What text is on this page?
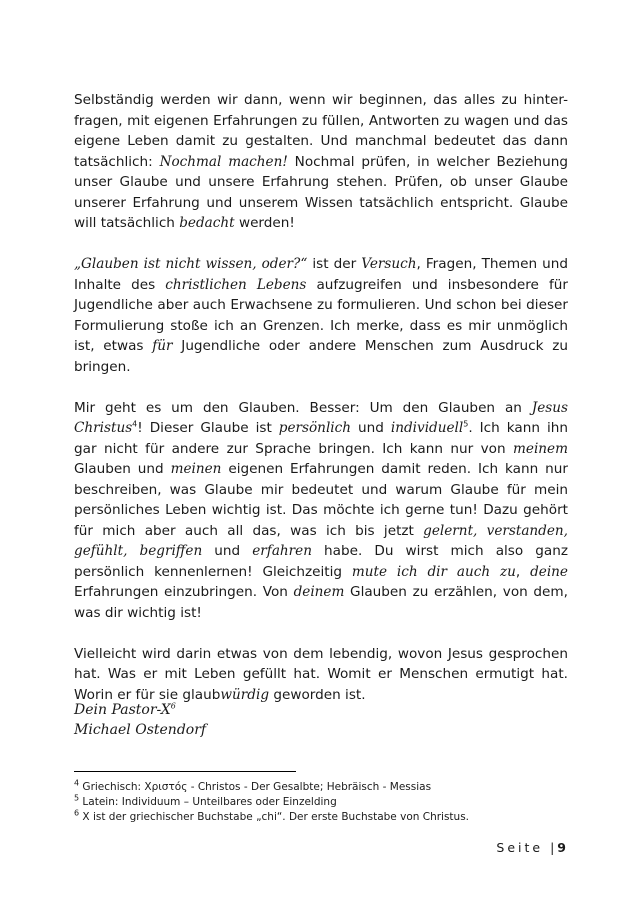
Selbständig werden wir dann, wenn wir beginnen, das alles zu hinter-fragen, mit eigenen Erfahrungen zu füllen, Antworten zu wagen und das eigene Leben damit zu gestalten. Und manchmal bedeutet das dann tatsächlich: Nochmal machen! Nochmal prüfen, in welcher Beziehung unser Glaube und unsere Erfahrung stehen. Prüfen, ob unser Glaube unserer Erfahrung und unserem Wissen tatsächlich entspricht. Glaube will tatsächlich bedacht werden!

„Glauben ist nicht wissen, oder?“ ist der Versuch, Fragen, Themen und Inhalte des christlichen Lebens aufzugreifen und insbesondere für Jugendliche aber auch Erwachsene zu formulieren. Und schon bei dieser Formulierung stoße ich an Grenzen. Ich merke, dass es mir unmöglich ist, etwas für Jugendliche oder andere Menschen zum Ausdruck zu bringen.

Mir geht es um den Glauben. Besser: Um den Glauben an Jesus Christus$^4$! Dieser Glaube ist persönlich und individuell$^5$. Ich kann ihn gar nicht für andere zur Sprache bringen. Ich kann nur von meinem Glauben und meinen eigenen Erfahrungen damit reden. Ich kann nur beschreiben, was Glaube mir bedeutet und warum Glaube für mein persönliches Leben wichtig ist. Das möchte ich gerne tun! Dazu gehört für mich aber auch all das, was ich bis jetzt gelernt, verstanden, gefühlt, begriffen und erfahren habe. Du wirst mich also ganz persönlich kennenlernen! Gleichzeitig mute ich dir auch zu, deine Erfahrungen einzubringen. Von deinem Glauben zu erzählen, von dem, was dir wichtig ist!

Vielleicht wird darin etwas von dem lebendig, wovon Jesus gesprochen hat. Was er mit Leben gefüllt hat. Womit er Menschen ermutigt hat. Worin er für sie glaubwürdig geworden ist.

Dein Pastor-$X^6$
Michael Ostendorf
$^4$ Griechisch: Χριστός - Christos - Der Gesalbte; Hebräisch - Messias
$^5$ Latein: Individuum – Unteilbares oder Einzelding
$^6$ X ist der griechischer Buchstabe „chi“. Der erste Buchstabe von Christus.
Seite |9
